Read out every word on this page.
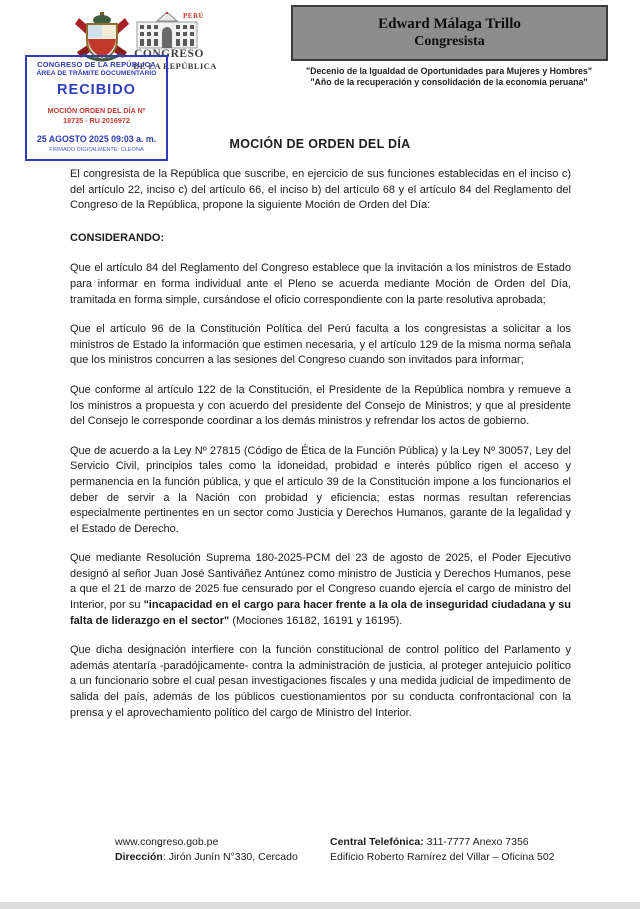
PERÚ
CONGRESO
DE LA REPÚBLICA
CONGRESO DE LA REPÚBLICA
ÁREA DE TRÁMITE DOCUMENTARIO
RECIBIDO
MOCIÓN ORDEN DEL DÍA Nº
18735 - RU 2016972
25 AGOSTO 2025 09:03 a. m.
FIRMADO DIGITALMENTE: CLEONA
Edward Málaga Trillo
Congresista
"Decenio de la Igualdad de Oportunidades para Mujeres y Hombres"
"Año de la recuperación y consolidación de la economía peruana"
MOCIÓN DE ORDEN DEL DÍA

El congresista de la República que suscribe, en ejercicio de sus funciones establecidas en el inciso c) del artículo 22, inciso c) del artículo 66, el inciso b) del artículo 68 y el artículo 84 del Reglamento del Congreso de la República, propone la siguiente Moción de Orden del Día:

CONSIDERANDO:

Que el artículo 84 del Reglamento del Congreso establece que la invitación a los ministros de Estado para informar en forma individual ante el Pleno se acuerda mediante Moción de Orden del Día, tramitada en forma simple, cursándose el oficio correspondiente con la parte resolutiva aprobada;

Que el artículo 96 de la Constitución Política del Perú faculta a los congresistas a solicitar a los ministros de Estado la información que estimen necesaria, y el artículo 129 de la misma norma señala que los ministros concurren a las sesiones del Congreso cuando son invitados para informar;

Que conforme al artículo 122 de la Constitución, el Presidente de la República nombra y remueve a los ministros a propuesta y con acuerdo del presidente del Consejo de Ministros; y que al presidente del Consejo le corresponde coordinar a los demás ministros y refrendar los actos de gobierno.

Que de acuerdo a la Ley Nº 27815 (Código de Ética de la Función Pública) y la Ley Nº 30057, Ley del Servicio Civil, principios tales como la idoneidad, probidad e interés público rigen el acceso y permanencia en la función pública, y que el artículo 39 de la Constitución impone a los funcionarios el deber de servir a la Nación con probidad y eficiencia; estas normas resultan referencias especialmente pertinentes en un sector como Justicia y Derechos Humanos, garante de la legalidad y el Estado de Derecho.

Que mediante Resolución Suprema 180-2025-PCM del 23 de agosto de 2025, el Poder Ejecutivo designó al señor Juan José Santiváñez Antúnez como ministro de Justicia y Derechos Humanos, pese a que el 21 de marzo de 2025 fue censurado por el Congreso cuando ejercía el cargo de ministro del Interior, por su "incapacidad en el cargo para hacer frente a la ola de inseguridad ciudadana y su falta de liderazgo en el sector" (Mociones 16182, 16191 y 16195).

Que dicha designación interfiere con la función constitucional de control político del Parlamento y además atentaría -paradójicamente- contra la administración de justicia, al proteger antejuicio político a un funcionario sobre el cual pesan investigaciones fiscales y una medida judicial de impedimento de salida del país, además de los públicos cuestionamientos por su conducta confrontacional con la prensa y el aprovechamiento político del cargo de Ministro del Interior.

www.congreso.gob.pe
Dirección: Jirón Junín N°330, Cercado
Central Telefónica: 311-7777 Anexo 7356
Edificio Roberto Ramírez del Villar – Oficina 502
